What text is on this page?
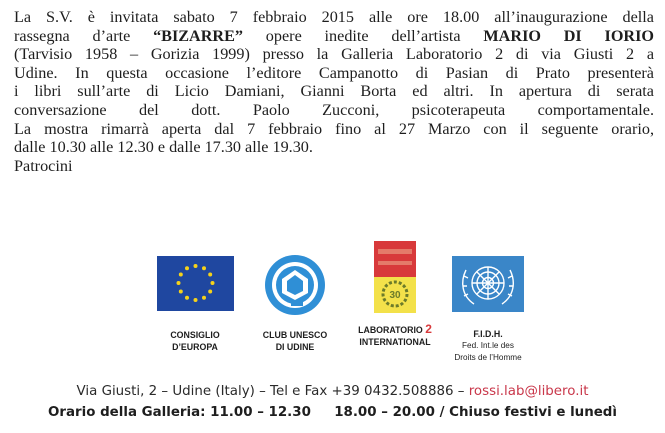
La S.V. è invitata sabato 7 febbraio 2015 alle ore 18.00 all’inaugurazione della
rassegna d’arte “BIZARRE” opere inedite dell’artista MARIO DI IORIO
(Tarvisio 1958 – Gorizia 1999) presso la Galleria Laboratorio 2 di via Giusti 2 a
Udine. In questa occasione l’editore Campanotto di Pasian di Prato presenterà
i libri sull’arte di Licio Damiani, Gianni Borta ed altri. In apertura di serata
conversazione del dott. Paolo Zucconi, psicoterapeuta comportamentale.
La mostra rimarrà aperta dal 7 febbraio fino al 27 Marzo con il seguente orario,
dalle 10.30 alle 12.30 e dalle 17.30 alle 19.30.
Patrocini
CONSIGLIO
D’EUROPA
CLUB UNESCO
DI UDINE
30
LABORATORIO 2
INTERNATIONAL
F.I.D.H.
Fed. Int.le des
Droits de l’Homme
Via Giusti, 2 – Udine (Italy) – Tel e Fax +39 0432.508886 – rossi.lab@libero.it
Orario della Galleria: 11.00 – 12.30     18.00 – 20.00 / Chiuso festivi e lunedì
